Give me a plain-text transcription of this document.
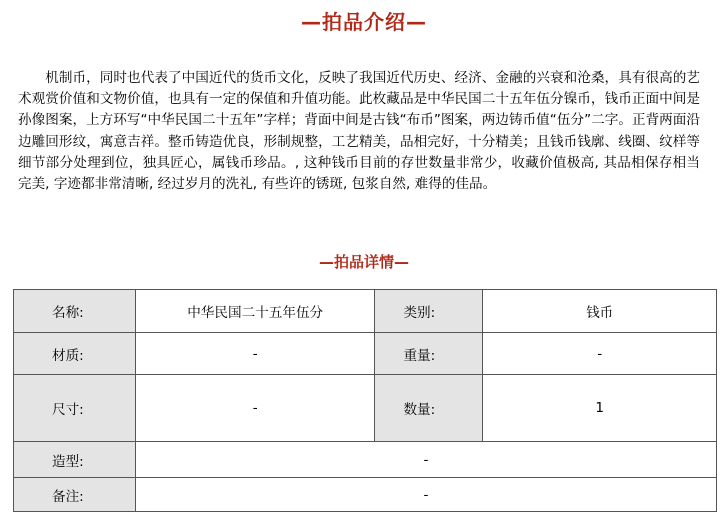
—拍品介绍—

机制币，同时也代表了中国近代的货币文化，反映了我国近代历史、经济、金融的兴衰和沧桑，具有很高的艺术观赏价值和文物价值，也具有一定的保值和升值功能。此枚藏品是中华民国二十五年伍分镍币，钱币正面中间是孙像图案，上方环写“中华民国二十五年”字样；背面中间是古钱“布币”图案，两边铸币值“伍分”二字。正背两面沿边雕回形纹，寓意吉祥。整币铸造优良，形制规整，工艺精美，品相完好，十分精美；且钱币钱廓、线圈、纹样等细节部分处理到位，独具匠心，属钱币珍品。, 这种钱币目前的存世数量非常少，收藏价值极高, 其品相保存相当完美, 字迹都非常清晰, 经过岁月的洗礼, 有些许的锈斑, 包浆自然, 难得的佳品。

—拍品详情—
名称:	中华民国二十五年伍分	类别:	钱币
材质:	-	重量:	-
尺寸:	-	数量:	1
造型:	-		
备注:	-		
